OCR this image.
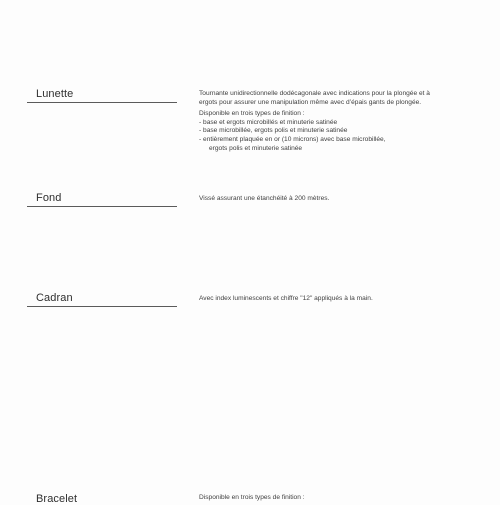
Lunette	Tournante unidirectionnelle dodécagonale avec indications pour la plongée et à

ergots pour assurer une manipulation même avec d’épais gants de plongée.

Disponible en trois types de finition :

- base et ergots microbillés et minuterie satinée

- base microbillée, ergots polis et minuterie satinée

- entièrement plaquée en or (10 microns) avec base microbillée,

ergots polis et minuterie satinée

Fond	Vissé assurant une étanchéité à 200 mètres.

Cadran	Avec index luminescents et chiffre "12" appliqués à la main.

Bracelet	Disponible en trois types de finition :
